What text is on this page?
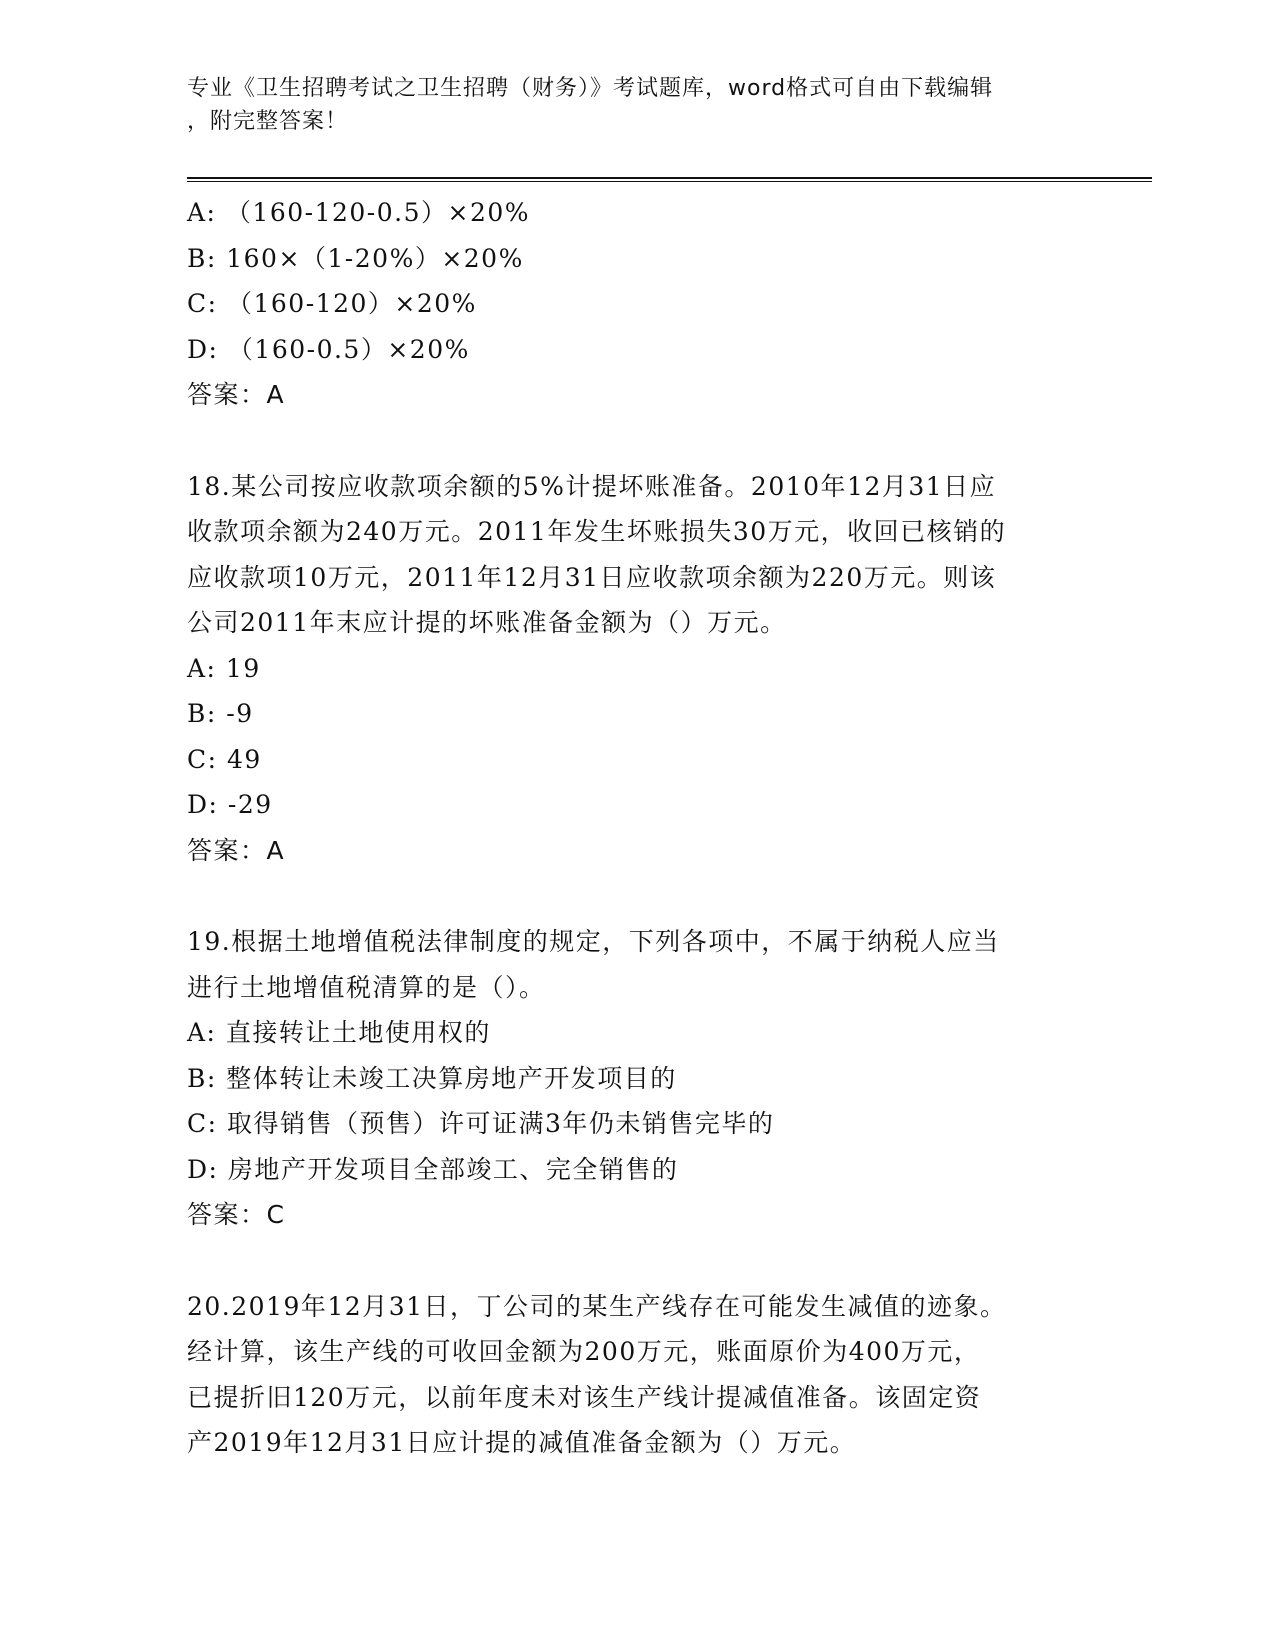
专业《卫生招聘考试之卫生招聘（财务）》考试题库，word格式可自由下载编辑
，附完整答案！
A: （160-120-0.5）×20%
B: 160×（1-20%）×20%
C: （160-120）×20%
D: （160-0.5）×20%
答案：A
18.某公司按应收款项余额的5%计提坏账准备。2010年12月31日应
收款项余额为240万元。2011年发生坏账损失30万元，收回已核销的
应收款项10万元，2011年12月31日应收款项余额为220万元。则该
公司2011年末应计提的坏账准备金额为（）万元。
A: 19
B: -9
C: 49
D: -29
答案：A
19.根据土地增值税法律制度的规定，下列各项中，不属于纳税人应当
进行土地增值税清算的是（）。
A: 直接转让土地使用权的
B: 整体转让未竣工决算房地产开发项目的
C: 取得销售（预售）许可证满3年仍未销售完毕的
D: 房地产开发项目全部竣工、完全销售的
答案：C
20.2019年12月31日，丁公司的某生产线存在可能发生减值的迹象。
经计算，该生产线的可收回金额为200万元，账面原价为400万元，
已提折旧120万元，以前年度未对该生产线计提减值准备。该固定资
产2019年12月31日应计提的减值准备金额为（）万元。
